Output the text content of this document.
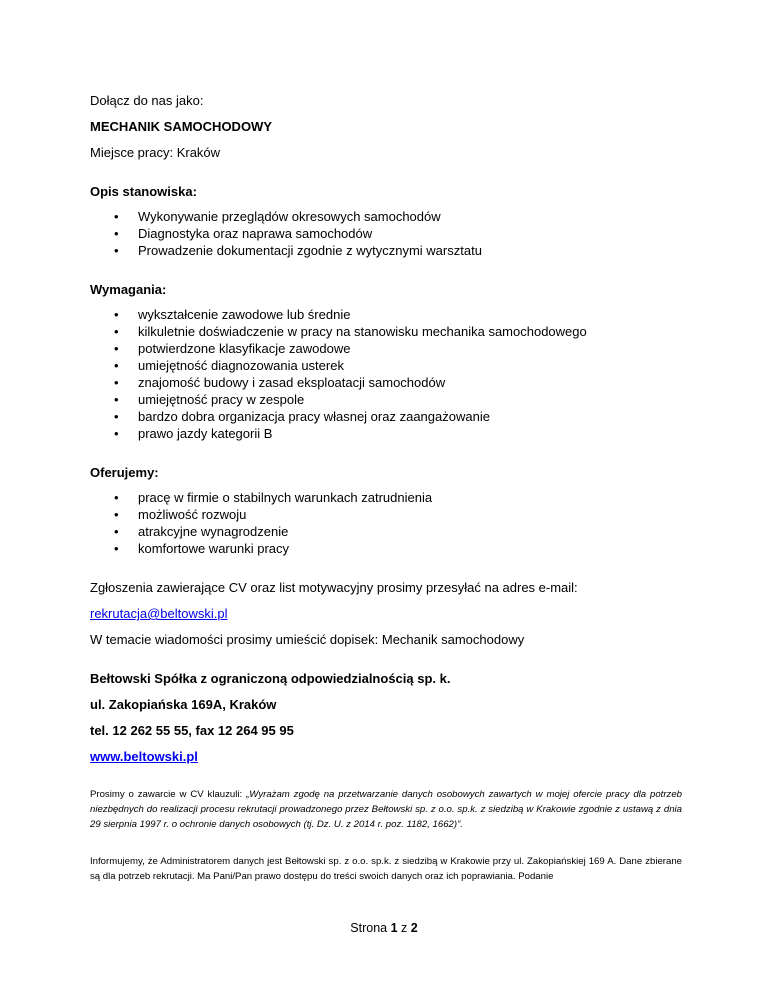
Dołącz do nas jako:

MECHANIK SAMOCHODOWY

Miejsce pracy: Kraków

Opis stanowiska:

• Wykonywanie przeglądów okresowych samochodów
• Diagnostyka oraz naprawa samochodów
• Prowadzenie dokumentacji zgodnie z wytycznymi warsztatu

Wymagania:

• wykształcenie zawodowe lub średnie
• kilkuletnie doświadczenie w pracy na stanowisku mechanika samochodowego
• potwierdzone klasyfikacje zawodowe
• umiejętność diagnozowania usterek
• znajomość budowy i zasad eksploatacji samochodów
• umiejętność pracy w zespole
• bardzo dobra organizacja pracy własnej oraz zaangażowanie
• prawo jazdy kategorii B

Oferujemy:

• pracę w firmie o stabilnych warunkach zatrudnienia
• możliwość rozwoju
• atrakcyjne wynagrodzenie
• komfortowe warunki pracy

Zgłoszenia zawierające CV oraz list motywacyjny prosimy przesyłać na adres e-mail:

rekrutacja@beltowski.pl

W temacie wiadomości prosimy umieścić dopisek: Mechanik samochodowy

Bełtowski Spółka z ograniczoną odpowiedzialnością sp. k.

ul. Zakopiańska 169A, Kraków

tel. 12 262 55 55, fax 12 264 95 95

www.beltowski.pl

Prosimy o zawarcie w CV klauzuli: „Wyrażam zgodę na przetwarzanie danych osobowych zawartych w mojej ofercie pracy dla potrzeb niezbędnych do realizacji procesu rekrutacji prowadzonego przez Bełtowski sp. z o.o. sp.k. z siedzibą w Krakowie zgodnie z ustawą z dnia 29 sierpnia 1997 r. o ochronie danych osobowych (tj. Dz. U. z 2014 r. poz. 1182, 1662)”.

Informujemy, że Administratorem danych jest Bełtowski sp. z o.o. sp.k. z siedzibą w Krakowie przy ul. Zakopiańskiej 169 A. Dane zbierane są dla potrzeb rekrutacji. Ma Pani/Pan prawo dostępu do treści swoich danych oraz ich poprawiania. Podanie

Strona 1 z 2
